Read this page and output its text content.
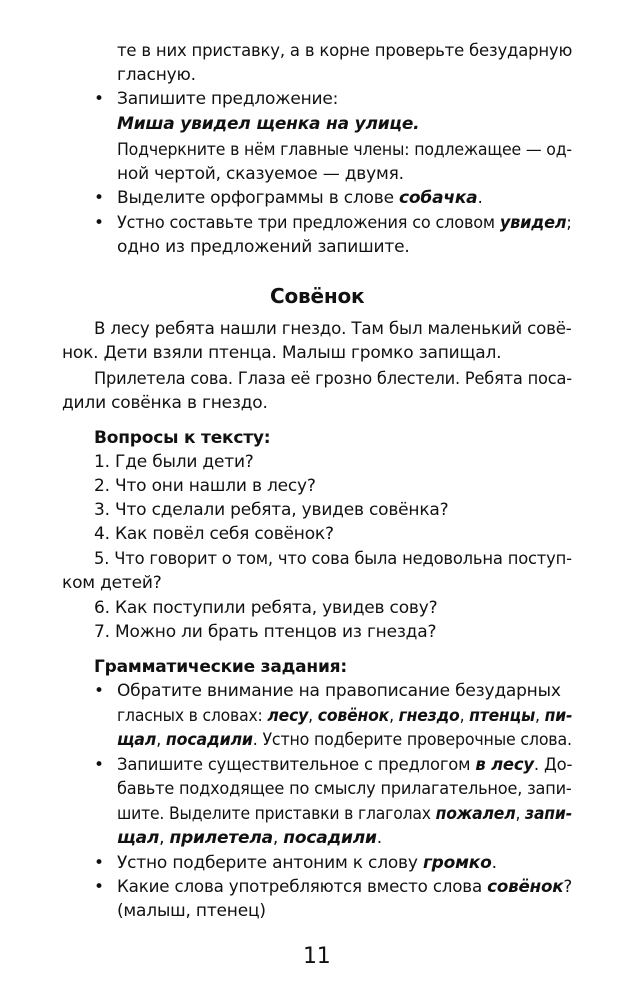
те в них приставку, а в корне проверьте безударную
гласную.
• Запишите предложение:
Миша увидел щенка на улице.
Подчеркните в нём главные члены: подлежащее — од-
ной чертой, сказуемое — двумя.
• Выделите орфограммы в слове собачка.
• Устно составьте три предложения со словом увидел;
одно из предложений запишите.
Совёнок
В лесу ребята нашли гнездо. Там был маленький совë-
нок. Дети взяли птенца. Малыш громко запищал.
Прилетела сова. Глаза её грозно блестели. Ребята поса-
дили совёнка в гнездо.
Вопросы к тексту:
1. Где были дети?
2. Что они нашли в лесу?
3. Что сделали ребята, увидев совёнка?
4. Как повёл себя совёнок?
5. Что говорит о том, что сова была недовольна поступ-
ком детей?
6. Как поступили ребята, увидев сову?
7. Можно ли брать птенцов из гнезда?
Грамматические задания:
• Обратите внимание на правописание безударных
гласных в словах: лесу, совёнок, гнездо, птенцы, пи-
щал, посадили. Устно подберите проверочные слова.
• Запишите существительное с предлогом в лесу. До-
бавьте подходящее по смыслу прилагательное, запи-
шите. Выделите приставки в глаголах пожалел, запи-
щал, прилетела, посадили.
• Устно подберите антоним к слову громко.
• Какие слова употребляются вместо слова совёнок?
(малыш, птенец)
11
